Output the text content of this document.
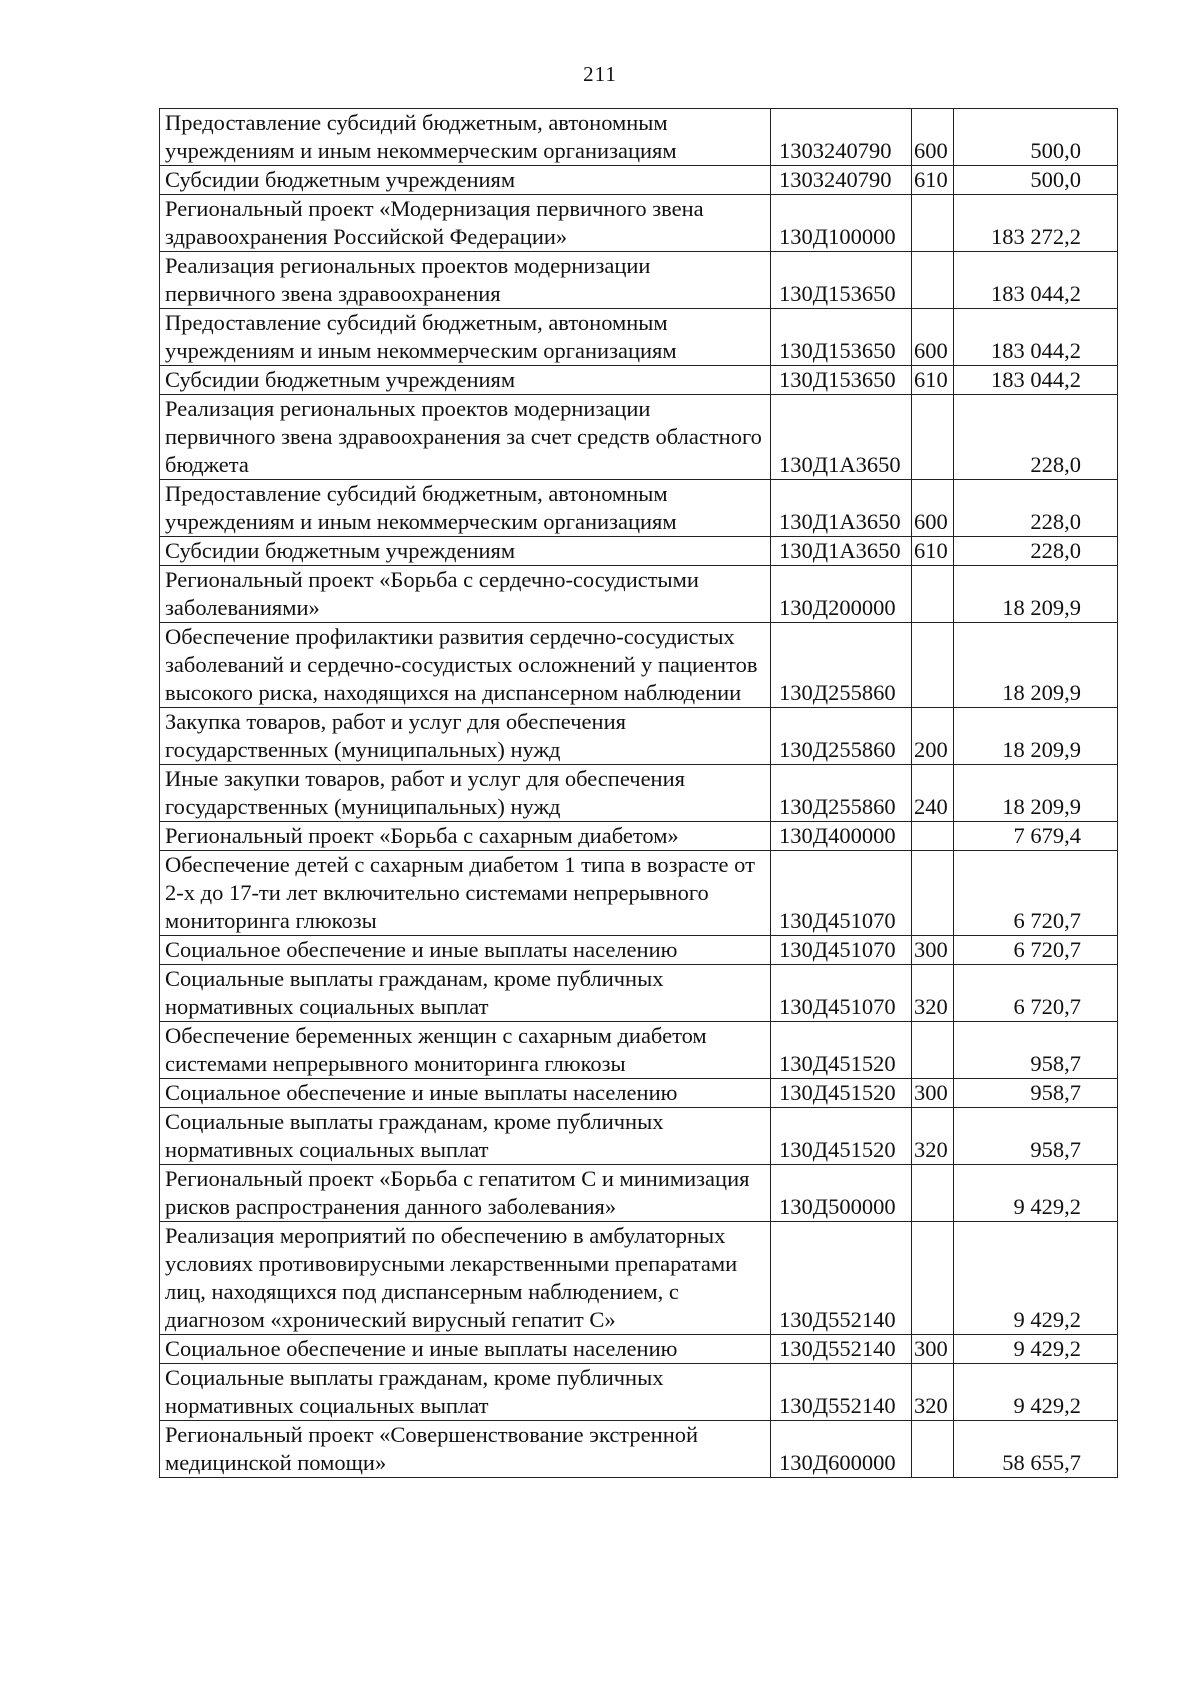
211
Предоставление субсидий бюджетным, автономным учреждениям и иным некоммерческим организациям	1303240790	600	500,0
Субсидии бюджетным учреждениям	1303240790	610	500,0
Региональный проект «Модернизация первичного звена здравоохранения Российской Федерации»	130Д100000		183 272,2
Реализация региональных проектов модернизации первичного звена здравоохранения	130Д153650		183 044,2
Предоставление субсидий бюджетным, автономным учреждениям и иным некоммерческим организациям	130Д153650	600	183 044,2
Субсидии бюджетным учреждениям	130Д153650	610	183 044,2
Реализация региональных проектов модернизации первичного звена здравоохранения за счет средств областного бюджета	130Д1А3650		228,0
Предоставление субсидий бюджетным, автономным учреждениям и иным некоммерческим организациям	130Д1А3650	600	228,0
Субсидии бюджетным учреждениям	130Д1А3650	610	228,0
Региональный проект «Борьба с сердечно-сосудистыми заболеваниями»	130Д200000		18 209,9
Обеспечение профилактики развития сердечно-сосудистых заболеваний и сердечно-сосудистых осложнений у пациентов высокого риска, находящихся на диспансерном наблюдении	130Д255860		18 209,9
Закупка товаров, работ и услуг для обеспечения государственных (муниципальных) нужд	130Д255860	200	18 209,9
Иные закупки товаров, работ и услуг для обеспечения государственных (муниципальных) нужд	130Д255860	240	18 209,9
Региональный проект «Борьба с сахарным диабетом»	130Д400000		7 679,4
Обеспечение детей с сахарным диабетом 1 типа в возрасте от 2-х до 17-ти лет включительно системами непрерывного мониторинга глюкозы	130Д451070		6 720,7
Социальное обеспечение и иные выплаты населению	130Д451070	300	6 720,7
Социальные выплаты гражданам, кроме публичных нормативных социальных выплат	130Д451070	320	6 720,7
Обеспечение беременных женщин с сахарным диабетом системами непрерывного мониторинга глюкозы	130Д451520		958,7
Социальное обеспечение и иные выплаты населению	130Д451520	300	958,7
Социальные выплаты гражданам, кроме публичных нормативных социальных выплат	130Д451520	320	958,7
Региональный проект «Борьба с гепатитом С и минимизация рисков распространения данного заболевания»	130Д500000		9 429,2
Реализация мероприятий по обеспечению в амбулаторных условиях противовирусными лекарственными препаратами лиц, находящихся под диспансерным наблюдением, с диагнозом «хронический вирусный гепатит С»	130Д552140		9 429,2
Социальное обеспечение и иные выплаты населению	130Д552140	300	9 429,2
Социальные выплаты гражданам, кроме публичных нормативных социальных выплат	130Д552140	320	9 429,2
Региональный проект «Совершенствование экстренной медицинской помощи»	130Д600000		58 655,7
